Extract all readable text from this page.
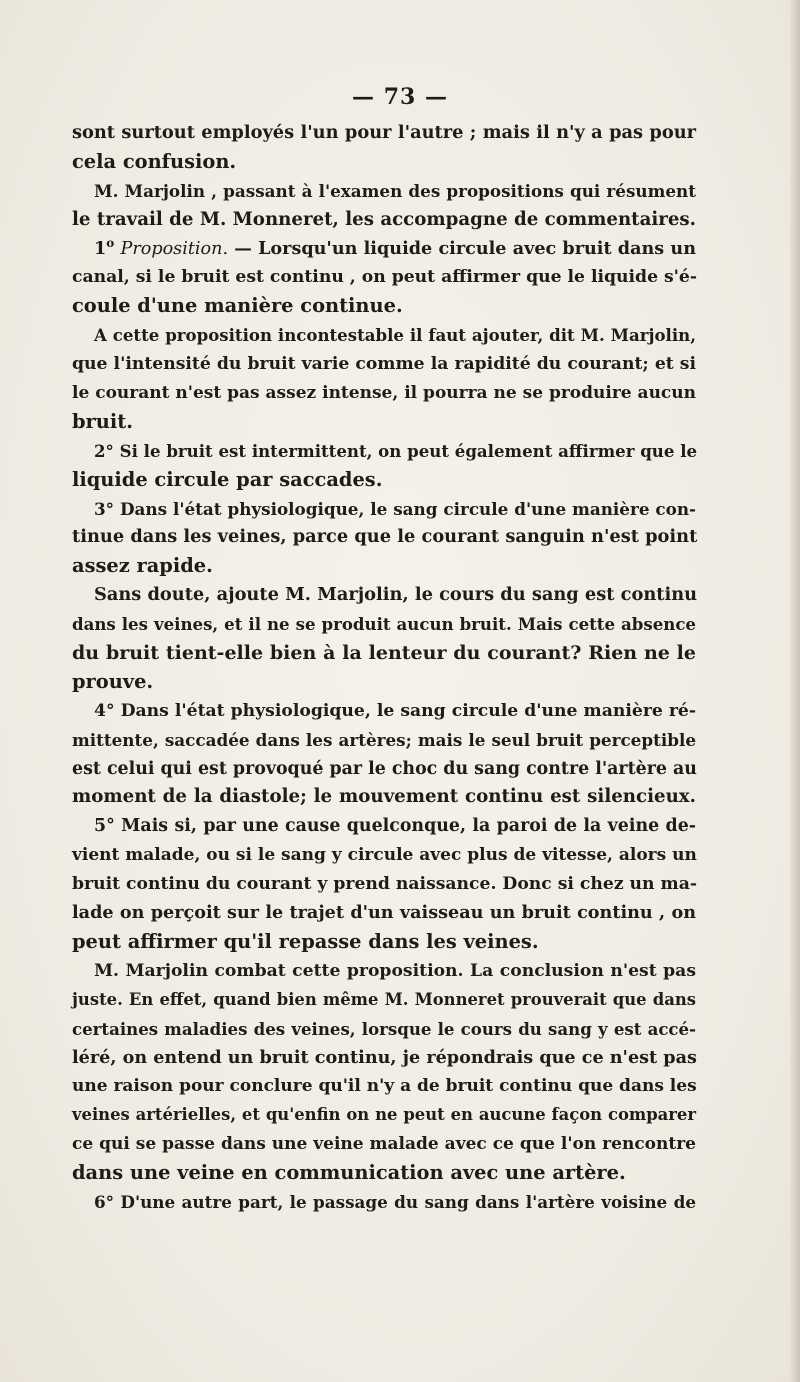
— 73 —
sont surtout employés l'un pour l'autre ; mais il n'y a pas pour
cela confusion.
M. Marjolin , passant à l'examen des propositions qui résument
le travail de M. Monneret, les accompagne de commentaires.
1$^o$ Proposition. — Lorsqu'un liquide circule avec bruit dans un
canal, si le bruit est continu , on peut affirmer que le liquide s'é-
coule d'une manière continue.
A cette proposition incontestable il faut ajouter, dit M. Marjolin,
que l'intensité du bruit varie comme la rapidité du courant; et si
le courant n'est pas assez intense, il pourra ne se produire aucun
bruit.
2° Si le bruit est intermittent, on peut également affirmer que le
liquide circule par saccades.
3° Dans l'état physiologique, le sang circule d'une manière con-
tinue dans les veines, parce que le courant sanguin n'est point
assez rapide.
Sans doute, ajoute M. Marjolin, le cours du sang est continu
dans les veines, et il ne se produit aucun bruit. Mais cette absence
du bruit tient-elle bien à la lenteur du courant? Rien ne le
prouve.
4° Dans l'état physiologique, le sang circule d'une manière ré-
mittente, saccadée dans les artères; mais le seul bruit perceptible
est celui qui est provoqué par le choc du sang contre l'artère au
moment de la diastole; le mouvement continu est silencieux.
5° Mais si, par une cause quelconque, la paroi de la veine de-
vient malade, ou si le sang y circule avec plus de vitesse, alors un
bruit continu du courant y prend naissance. Donc si chez un ma-
lade on perçoit sur le trajet d'un vaisseau un bruit continu , on
peut affirmer qu'il repasse dans les veines.
M. Marjolin combat cette proposition. La conclusion n'est pas
juste. En effet, quand bien même M. Monneret prouverait que dans
certaines maladies des veines, lorsque le cours du sang y est accé-
léré, on entend un bruit continu, je répondrais que ce n'est pas
une raison pour conclure qu'il n'y a de bruit continu que dans les
veines artérielles, et qu'enfin on ne peut en aucune façon comparer
ce qui se passe dans une veine malade avec ce que l'on rencontre
dans une veine en communication avec une artère.
6° D'une autre part, le passage du sang dans l'artère voisine de
